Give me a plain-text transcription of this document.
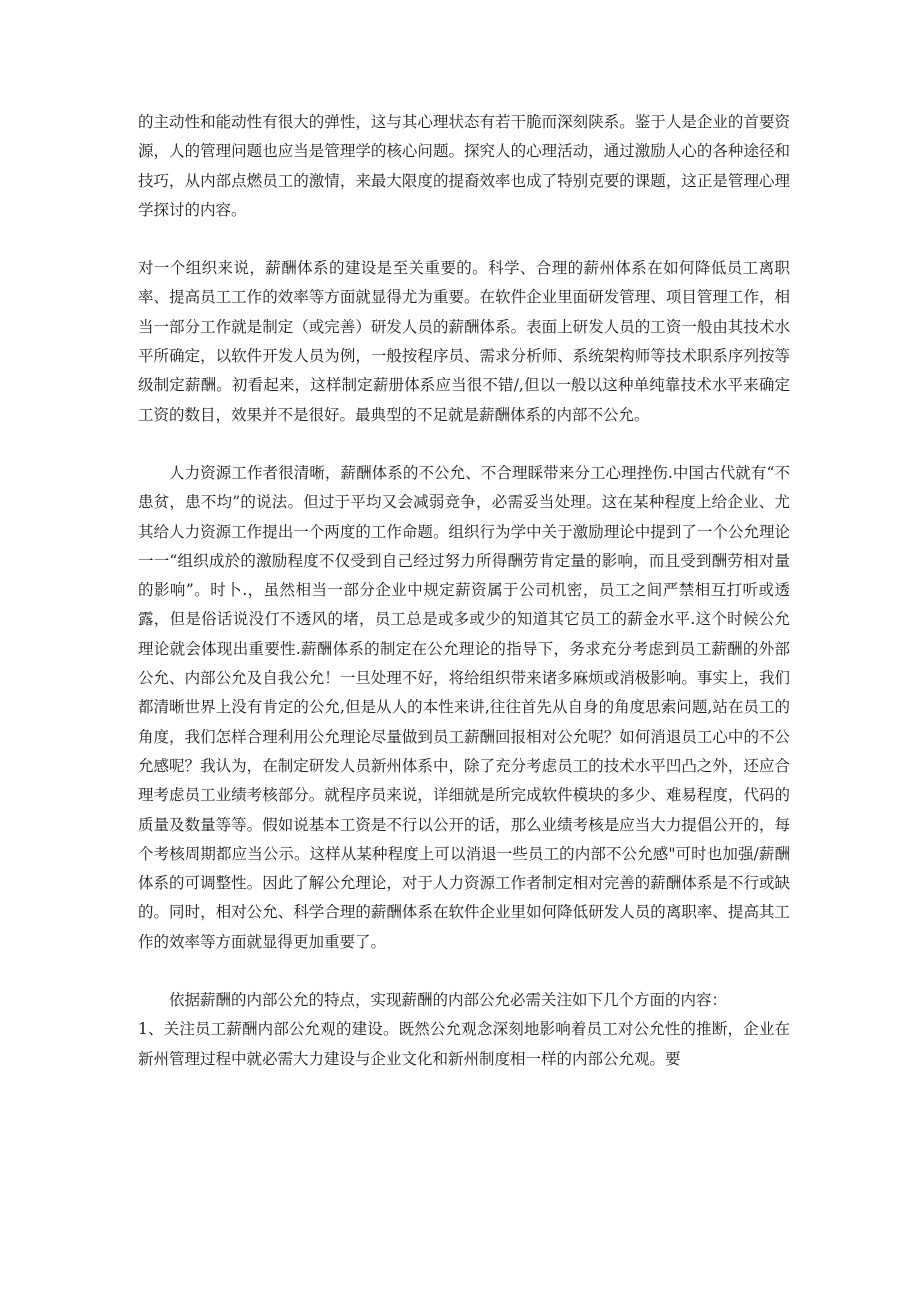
的主动性和能动性有很大的弹性，这与其心理状态有若干脆而深刻陕系。鉴于人是企业的首要资源，人的管理问题也应当是管理学的核心问题。探究人的心理活动，通过激励人心的各种途径和技巧，从内部点燃员工的激情，来最大限度的提裔效率也成了特别克要的课题，这正是管理心理学探讨的内容。

对一个组织来说，薪酬体系的建设是至关重要的。科学、合理的薪州体系在如何降低员工离职率、提高员工工作的效率等方面就显得尤为重要。在软件企业里面研发管理、项目管理工作，相当一部分工作就是制定（或完善）研发人员的薪酬体系。表面上研发人员的工资一般由其技术水平所确定，以软件开发人员为例，一般按程序员、需求分析师、系统架构师等技术职系序列按等级制定薪酬。初看起来，这样制定薪册体系应当很不错/,但以一般以这种单纯靠技术水平来确定工资的数目，效果并不是很好。最典型的不足就是薪酬体系的内部不公允。

人力资源工作者很清晰，薪酬体系的不公允、不合理睬带来分工心理挫伤.中国古代就有“不患贫，患不均”的说法。但过于平均又会减弱竞争，必需妥当处理。这在某种程度上给企业、尤其给人力资源工作提出一个两度的工作命题。组织行为学中关于激励理论中提到了一个公允理论一一“组织成於的激励程度不仅受到自己经过努力所得酬劳肯定量的影响，而且受到酬劳相对量的影响”。时卜.，虽然相当一部分企业中规定薪资属于公司机密，员工之间严禁相互打听或透露，但是俗话说没仃不透风的堵，员工总是或多或少的知道其它员工的薪金水平.这个时候公允理论就会体现出重要性.薪酬体系的制定在公允理论的指导下，务求充分考虑到员工薪酬的外部公允、内部公允及自我公允！一旦处理不好，将给组织带来诸多麻烦或消极影响。事实上，我们都清晰世界上没有肯定的公允,但是从人的本性来讲,往往首先从自身的角度思索问题,站在员工的角度，我们怎样合理利用公允理论尽量做到员工薪酬回报相对公允呢？如何消退员工心中的不公允感呢？我认为，在制定研发人员新州体系中，除了充分考虑员工的技术水平凹凸之外，还应合理考虑员工业绩考核部分。就程序员来说，详细就是所完成软件模块的多少、难易程度，代码的质量及数量等等。假如说基本工资是不行以公开的话，那么业绩考核是应当大力提倡公开的，每个考核周期都应当公示。这样从某种程度上可以消退一些员工的内部不公允感"可时也加强/薪酬体系的可调整性。因此了解公允理论，对于人力资源工作者制定相对完善的薪酬体系是不行或缺的。同时，相对公允、科学合理的薪酬体系在软件企业里如何降低研发人员的离职率、提高其工作的效率等方面就显得更加重要了。

依据薪酬的内部公允的特点，实现薪酬的内部公允必需关注如下几个方面的内容：

1、关注员工薪酬内部公允观的建设。既然公允观念深刻地影响着员工对公允性的推断，企业在新州管理过程中就必需大力建设与企业文化和新州制度相一样的内部公允观。要
